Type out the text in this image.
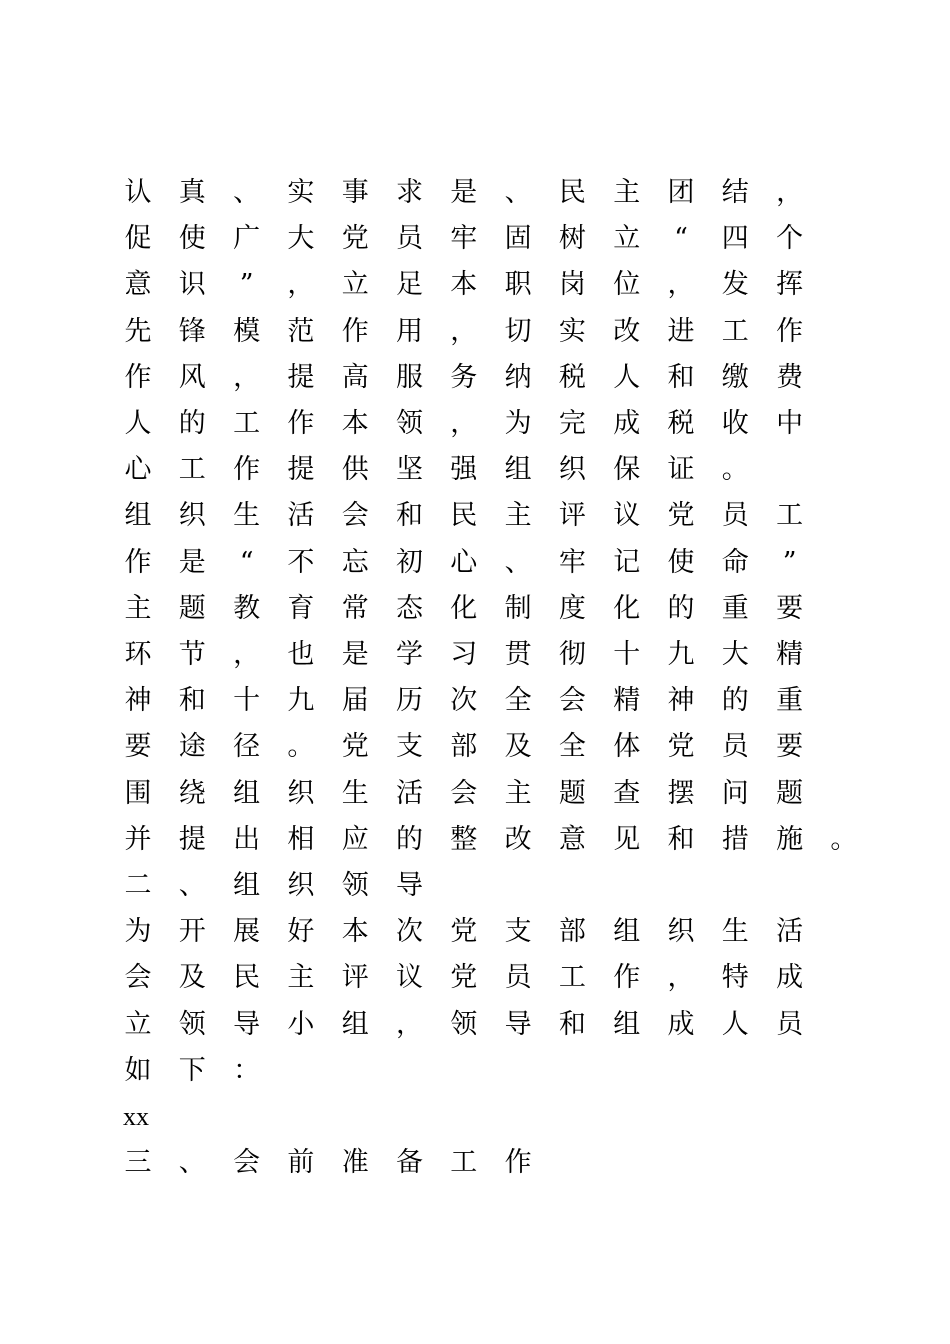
认 真 、 实 事 求 是 、 民 主 团 结 ，
促 使 广 大 党 员 牢 固 树 立 “ 四 个
意 识 ” ， 立 足 本 职 岗 位 ， 发 挥
先 锋 模 范 作 用 ， 切 实 改 进 工 作
作 风 ， 提 高 服 务 纳 税 人 和 缴 费
人 的 工 作 本 领 ， 为 完 成 税 收 中
心 工 作 提 供 坚 强 组 织 保 证 。
组 织 生 活 会 和 民 主 评 议 党 员 工
作 是 “ 不 忘 初 心 、 牢 记 使 命 ”
主 题 教 育 常 态 化 制 度 化 的 重 要
环 节 ， 也 是 学 习 贯 彻 十 九 大 精
神 和 十 九 届 历 次 全 会 精 神 的 重
要 途 径 。 党 支 部 及 全 体 党 员 要
围 绕 组 织 生 活 会 主 题 查 摆 问 题
并 提 出 相 应 的 整 改 意 见 和 措 施 。
二 、 组 织 领 导
为 开 展 好 本 次 党 支 部 组 织 生 活
会 及 民 主 评 议 党 员 工 作 ， 特 成
立 领 导 小 组 ， 领 导 和 组 成 人 员
如 下 ：
xx
三 、 会 前 准 备 工 作
